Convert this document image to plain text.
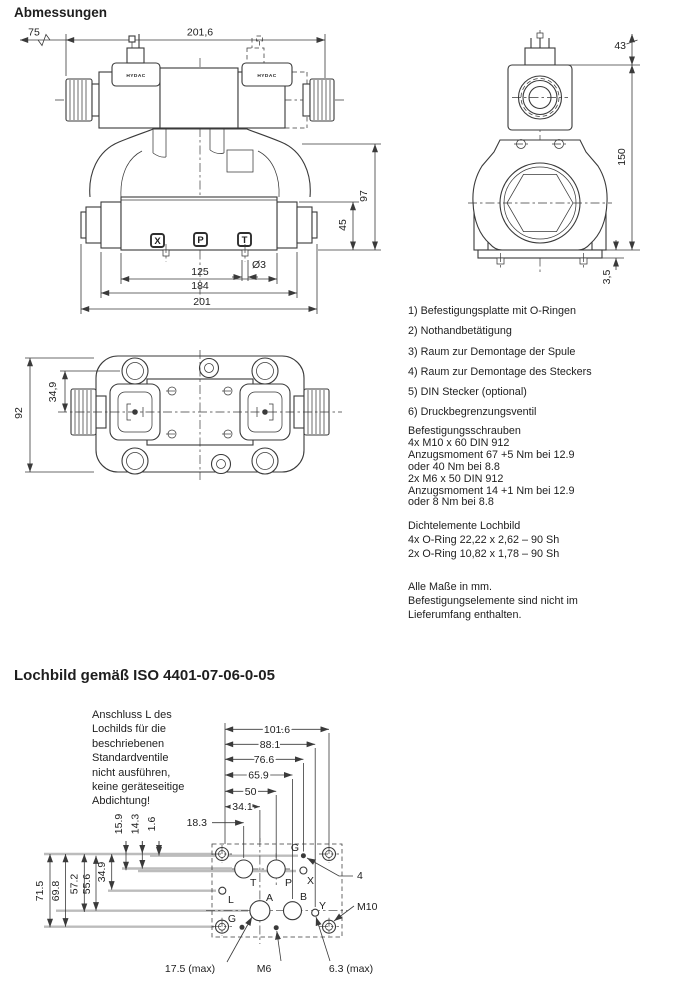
75	201,6
HYDAC	HYDAC
X	P	T
Ø3
97
45
125
184
201
43
150
3,5
92
34,9
101.6
88.1
76.6
65.9
50
34.1
18.3
71.5 69.8 57.2 55.6
34.9
15.9 14.3 1.6
T	P X
L	A	B
Y
G
G
4
M10
17.5 (max)	M6	6.3 (max)
Abmessungen
1) Befestigungsplatte mit O-Ringen
2) Nothandbetätigung
3) Raum zur Demontage der Spule
4) Raum zur Demontage des Steckers
5) DIN Stecker (optional)
6) Druckbegrenzungsventil
Befestigungsschrauben
4x M10 x 60 DIN 912
Anzugsmoment 67 +5 Nm bei 12.9
oder 40 Nm bei 8.8
2x M6 x 50 DIN 912
Anzugsmoment 14 +1 Nm bei 12.9
oder 8 Nm bei 8.8
Dichtelemente Lochbild
4x O-Ring 22,22 x 2,62 – 90 Sh
2x O-Ring 10,82 x 1,78 – 90 Sh
Alle Maße in mm.
Befestigungselemente sind nicht im
Lieferumfang enthalten.
Lochbild gemäß ISO 4401-07-06-0-05
Anschluss L des
Lochilds für die
beschriebenen
Standardventile
nicht ausführen,
keine geräteseitige
Abdichtung!
